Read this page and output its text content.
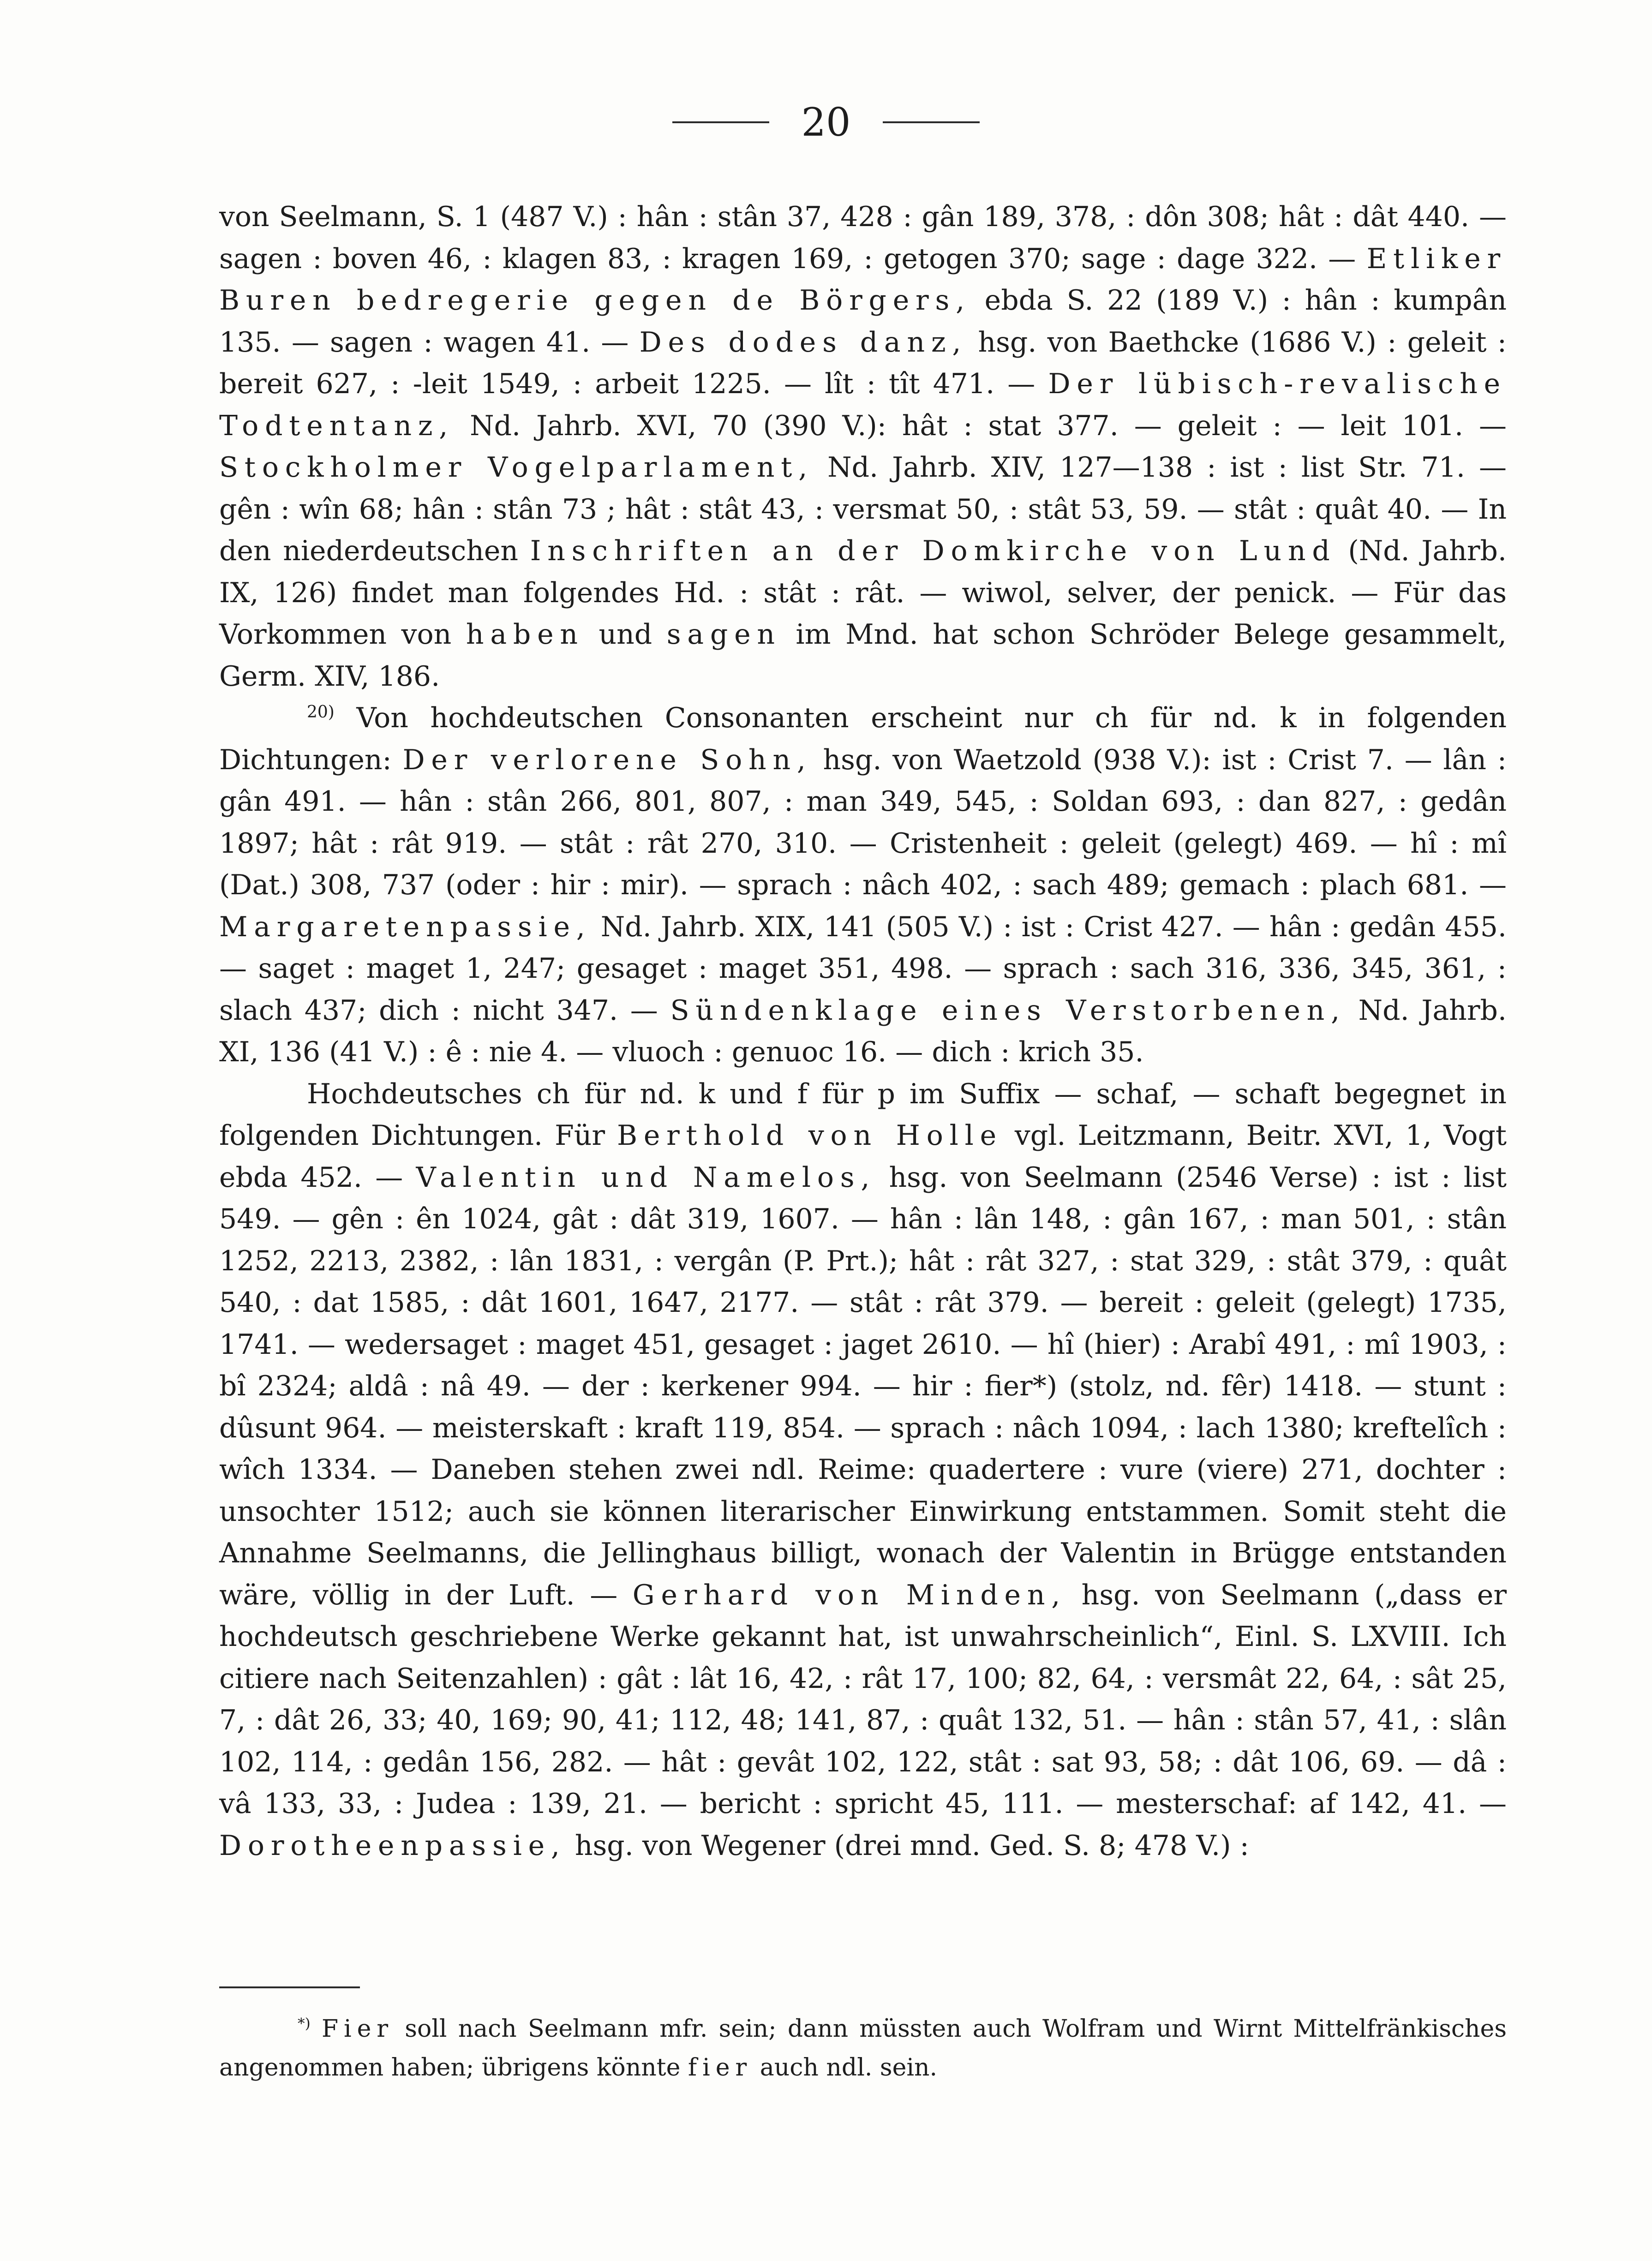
20

von Seelmann, S. 1 (487 V.) : hân : stân 37, 428 : gân 189, 378, : dôn 308; hât : dât 440. — sagen : boven 46, : klagen 83, : kragen 169, : getogen 370; sage : dage 322. — Etliker Buren bedregerie gegen de Börgers, ebda S. 22 (189 V.) : hân : kumpân 135. — sagen : wagen 41. — Des dodes danz, hsg. von Baethcke (1686 V.) : geleit : bereit 627, : -leit 1549, : arbeit 1225. — lît : tît 471. — Der lübisch-revalische Todtentanz, Nd. Jahrb. XVI, 70 (390 V.): hât : stat 377. — geleit : — leit 101. — Stockholmer Vogelparlament, Nd. Jahrb. XIV, 127—138 : ist : list Str. 71. — gên : wîn 68; hân : stân 73 ; hât : stât 43, : versmat 50, : stât 53, 59. — stât : quât 40. — In den niederdeutschen Inschriften an der Domkirche von Lund (Nd. Jahrb. IX, 126) findet man folgendes Hd. : stât : rât. — wiwol, selver, der penick. — Für das Vorkommen von haben und sagen im Mnd. hat schon Schröder Belege gesammelt, Germ. XIV, 186.

$^{20)}$ Von hochdeutschen Consonanten erscheint nur ch für nd. k in folgenden Dichtungen: Der verlorene Sohn, hsg. von Waetzold (938 V.): ist : Crist 7. — lân : gân 491. — hân : stân 266, 801, 807, : man 349, 545, : Soldan 693, : dan 827, : gedân 1897; hât : rât 919. — stât : rât 270, 310. — Cristenheit : geleit (gelegt) 469. — hî : mî (Dat.) 308, 737 (oder : hir : mir). — sprach : nâch 402, : sach 489; gemach : plach 681. — Margaretenpassie, Nd. Jahrb. XIX, 141 (505 V.) : ist : Crist 427. — hân : gedân 455. — saget : maget 1, 247; gesaget : maget 351, 498. — sprach : sach 316, 336, 345, 361, : slach 437; dich : nicht 347. — Sündenklage eines Verstorbenen, Nd. Jahrb. XI, 136 (41 V.) : ê : nie 4. — vluoch : genuoc 16. — dich : krich 35.

Hochdeutsches ch für nd. k und f für p im Suffix — schaf, — schaft begegnet in folgenden Dichtungen. Für Berthold von Holle vgl. Leitzmann, Beitr. XVI, 1, Vogt ebda 452. — Valentin und Namelos, hsg. von Seelmann (2546 Verse) : ist : list 549. — gên : ên 1024, gât : dât 319, 1607. — hân : lân 148, : gân 167, : man 501, : stân 1252, 2213, 2382, : lân 1831, : vergân (P. Prt.); hât : rât 327, : stat 329, : stât 379, : quât 540, : dat 1585, : dât 1601, 1647, 2177. — stât : rât 379. — bereit : geleit (gelegt) 1735, 1741. — wedersaget : maget 451, gesaget : jaget 2610. — hî (hier) : Arabî 491, : mî 1903, : bî 2324; aldâ : nâ 49. — der : kerkener 994. — hir : fier*) (stolz, nd. fêr) 1418. — stunt : dûsunt 964. — meisterskaft : kraft 119, 854. — sprach : nâch 1094, : lach 1380; kreftelîch : wîch 1334. — Daneben stehen zwei ndl. Reime: quadertere : vure (viere) 271, dochter : unsochter 1512; auch sie können literarischer Einwirkung entstammen. Somit steht die Annahme Seelmanns, die Jellinghaus billigt, wonach der Valentin in Brügge entstanden wäre, völlig in der Luft. — Gerhard von Minden, hsg. von Seelmann („dass er hochdeutsch geschriebene Werke gekannt hat, ist unwahrscheinlich“, Einl. S. LXVIII. Ich citiere nach Seitenzahlen) : gât : lât 16, 42, : rât 17, 100; 82, 64, : versmât 22, 64, : sât 25, 7, : dât 26, 33; 40, 169; 90, 41; 112, 48; 141, 87, : quât 132, 51. — hân : stân 57, 41, : slân 102, 114, : gedân 156, 282. — hât : gevât 102, 122, stât : sat 93, 58; : dât 106, 69. — dâ : vâ 133, 33, : Judea : 139, 21. — bericht : spricht 45, 111. — mesterschaf: af 142, 41. — Dorotheenpassie, hsg. von Wegener (drei mnd. Ged. S. 8; 478 V.) :

*) Fier soll nach Seelmann mfr. sein; dann müssten auch Wolfram und Wirnt Mittelfränkisches angenommen haben; übrigens könnte fier auch ndl. sein.
